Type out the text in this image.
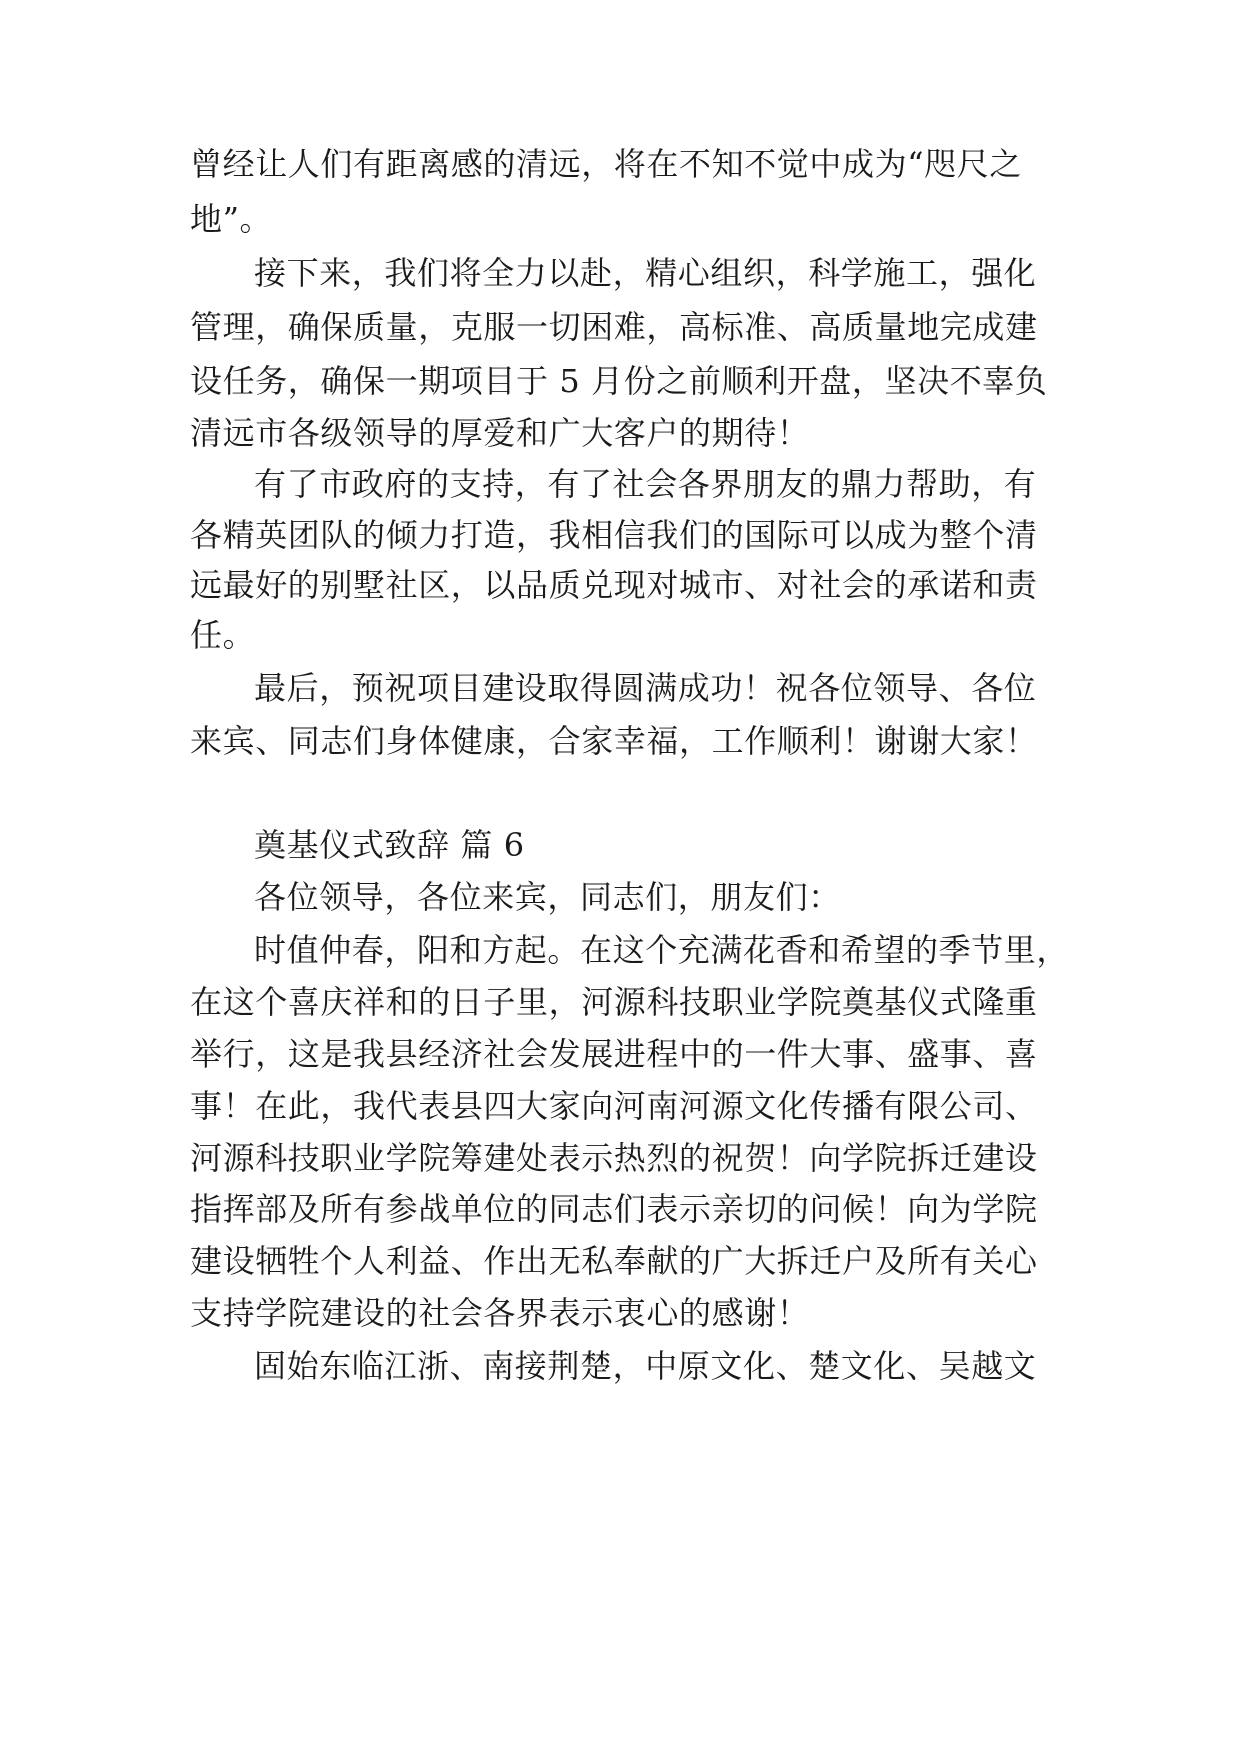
曾经让人们有距离感的清远，将在不知不觉中成为“咫尺之
地”。
接下来，我们将全力以赴，精心组织，科学施工，强化
管理，确保质量，克服一切困难，高标准、高质量地完成建
设任务，确保一期项目于 5 月份之前顺利开盘，坚决不辜负
清远市各级领导的厚爱和广大客户的期待！
有了市政府的支持，有了社会各界朋友的鼎力帮助，有
各精英团队的倾力打造，我相信我们的国际可以成为整个清
远最好的别墅社区，以品质兑现对城市、对社会的承诺和责
任。
最后，预祝项目建设取得圆满成功！祝各位领导、各位
来宾、同志们身体健康，合家幸福，工作顺利！谢谢大家！
奠基仪式致辞 篇 6
各位领导，各位来宾，同志们，朋友们：
时值仲春，阳和方起。在这个充满花香和希望的季节里，
在这个喜庆祥和的日子里，河源科技职业学院奠基仪式隆重
举行，这是我县经济社会发展进程中的一件大事、盛事、喜
事！在此，我代表县四大家向河南河源文化传播有限公司、
河源科技职业学院筹建处表示热烈的祝贺！向学院拆迁建设
指挥部及所有参战单位的同志们表示亲切的问候！向为学院
建设牺牲个人利益、作出无私奉献的广大拆迁户及所有关心
支持学院建设的社会各界表示衷心的感谢！
固始东临江浙、南接荆楚，中原文化、楚文化、吴越文
